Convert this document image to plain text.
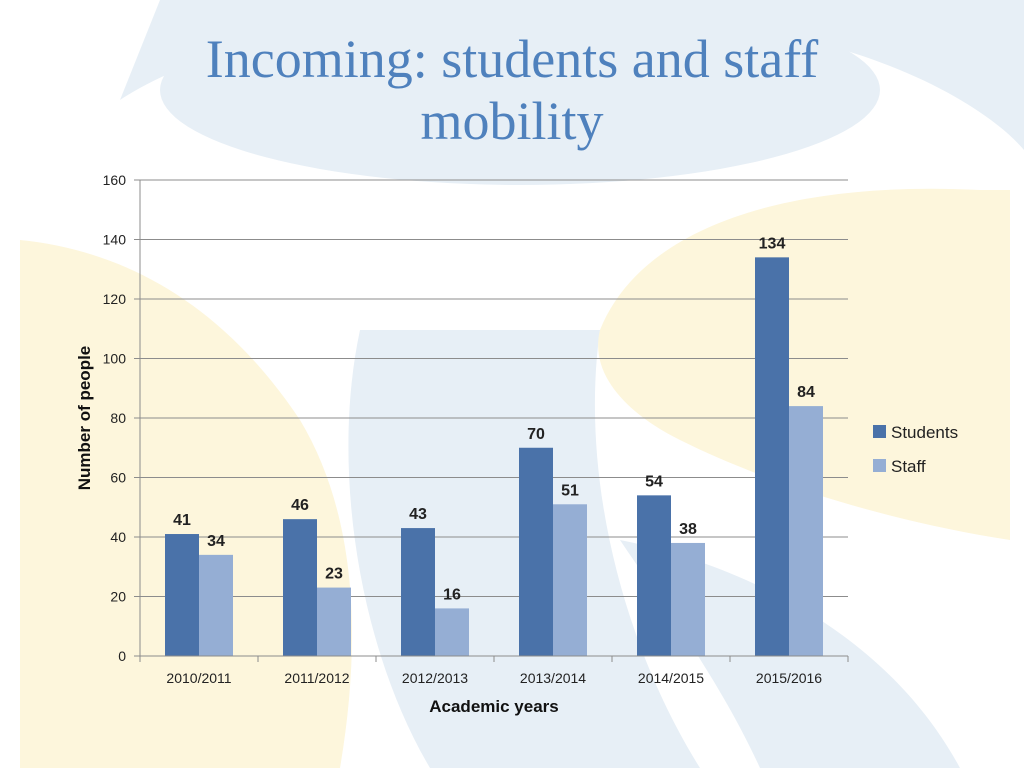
Incoming: students and staff
mobility
0
20
40
60
80
100
120
140
160
41
46
43
70
54
134
34
23
16
51
38
84
2010/2011	2011/2012	2012/2013	2013/2014	2014/2015	2015/2016
Academic years
Number of people	Students
Staff
